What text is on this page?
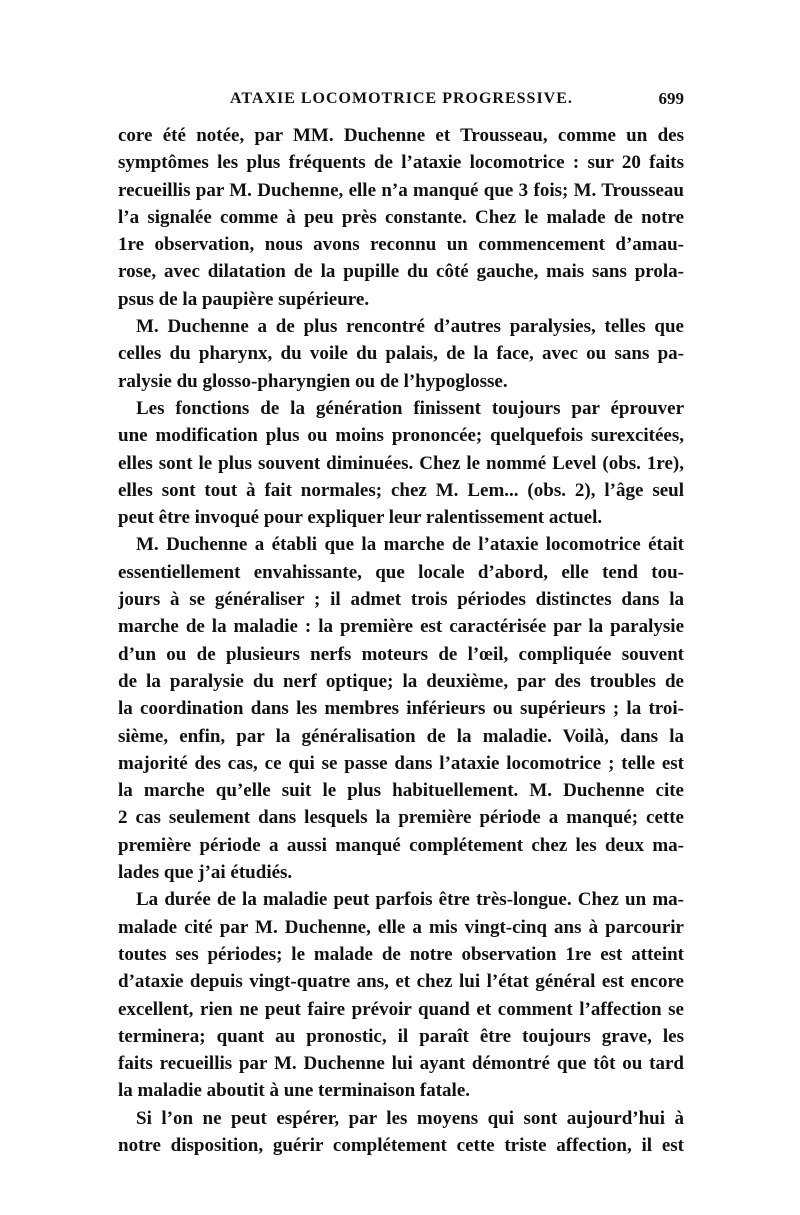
ATAXIE LOCOMOTRICE PROGRESSIVE.	699
core été notée, par MM. Duchenne et Trousseau, comme un des
symptômes les plus fréquents de l’ataxie locomotrice : sur 20 faits
recueillis par M. Duchenne, elle n’a manqué que 3 fois; M. Trousseau
l’a signalée comme à peu près constante. Chez le malade de notre
1re observation, nous avons reconnu un commencement d’amau-
rose, avec dilatation de la pupille du côté gauche, mais sans prola-
psus de la paupière supérieure.
M. Duchenne a de plus rencontré d’autres paralysies, telles que
celles du pharynx, du voile du palais, de la face, avec ou sans pa-
ralysie du glosso-pharyngien ou de l’hypoglosse.
Les fonctions de la génération finissent toujours par éprouver
une modification plus ou moins prononcée; quelquefois surexcitées,
elles sont le plus souvent diminuées. Chez le nommé Level (obs. 1re),
elles sont tout à fait normales; chez M. Lem... (obs. 2), l’âge seul
peut être invoqué pour expliquer leur ralentissement actuel.
M. Duchenne a établi que la marche de l’ataxie locomotrice était
essentiellement envahissante, que locale d’abord, elle tend tou-
jours à se généraliser ; il admet trois périodes distinctes dans la
marche de la maladie : la première est caractérisée par la paralysie
d’un ou de plusieurs nerfs moteurs de l’œil, compliquée souvent
de la paralysie du nerf optique; la deuxième, par des troubles de
la coordination dans les membres inférieurs ou supérieurs ; la troi-
sième, enfin, par la généralisation de la maladie. Voilà, dans la
majorité des cas, ce qui se passe dans l’ataxie locomotrice ; telle est
la marche qu’elle suit le plus habituellement. M. Duchenne cite
2 cas seulement dans lesquels la première période a manqué; cette
première période a aussi manqué complétement chez les deux ma-
lades que j’ai étudiés.
La durée de la maladie peut parfois être très-longue. Chez un ma-
malade cité par M. Duchenne, elle a mis vingt-cinq ans à parcourir
toutes ses périodes; le malade de notre observation 1re est atteint
d’ataxie depuis vingt-quatre ans, et chez lui l’état général est encore
excellent, rien ne peut faire prévoir quand et comment l’affection se
terminera; quant au pronostic, il paraît être toujours grave, les
faits recueillis par M. Duchenne lui ayant démontré que tôt ou tard
la maladie aboutit à une terminaison fatale.
Si l’on ne peut espérer, par les moyens qui sont aujourd’hui à
notre disposition, guérir complétement cette triste affection, il est
